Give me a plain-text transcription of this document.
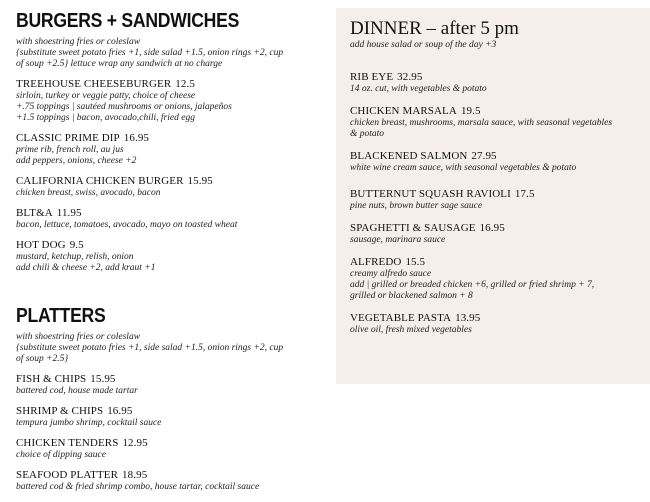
BURGERS + SANDWICHES
with shoestring fries or coleslaw
{substitute sweet potato fries +1, side salad +1.5, onion rings +2, cup
of soup +2.5} lettuce wrap any sandwich at no charge
TREEHOUSE CHEESEBURGER 12.5
sirloin, turkey or veggie patty, choice of cheese
+.75 toppings | sautéed mushrooms or onions, jalapeños
+1.5 toppings | bacon, avocado,chili, fried egg
CLASSIC PRIME DIP 16.95
prime rib, french roll, au jus
add peppers, onions, cheese +2
CALIFORNIA CHICKEN BURGER 15.95
chicken breast, swiss, avocado, bacon
BLT&A 11.95
bacon, lettuce, tomatoes, avocado, mayo on toasted wheat
HOT DOG 9.5
mustard, ketchup, relish, onion
add chili & cheese +2, add kraut +1
PLATTERS
with shoestring fries or coleslaw
{substitute sweet potato fries +1, side salad +1.5, onion rings +2, cup
of soup +2.5}
FISH & CHIPS 15.95
battered cod, house made tartar
SHRIMP & CHIPS 16.95
tempura jumbo shrimp, cocktail sauce
CHICKEN TENDERS 12.95
choice of dipping sauce
SEAFOOD PLATTER 18.95
battered cod & fried shrimp combo, house tartar, cocktail sauce
DINNER – after 5 pm
add house salad or soup of the day +3
RIB EYE 32.95
14 oz. cut, with vegetables & potato
CHICKEN MARSALA 19.5
chicken breast, mushrooms, marsala sauce, with seasonal vegetables
& potato
BLACKENED SALMON 27.95
white wine cream sauce, with seasonal vegetables & potato
BUTTERNUT SQUASH RAVIOLI 17.5
pine nuts, brown butter sage sauce
SPAGHETTI & SAUSAGE 16.95
sausage, marinara sauce
ALFREDO 15.5
creamy alfredo sauce
add | grilled or breaded chicken +6, grilled or fried shrimp + 7,
grilled or blackened salmon + 8
VEGETABLE PASTA 13.95
olive oil, fresh mixed vegetables
